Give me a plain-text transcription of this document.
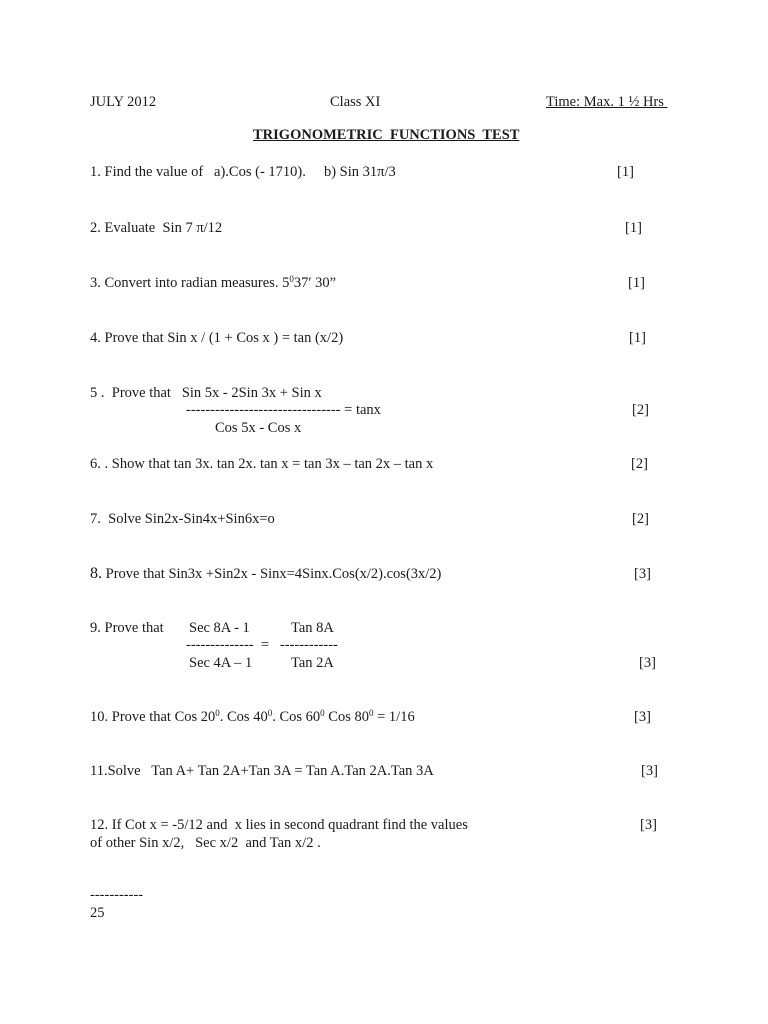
JULY 2012	Class XI	Time: Max. 1 ½ Hrs
TRIGONOMETRIC  FUNCTIONS  TEST
1. Find the value of   a).Cos (- 1710).     b) Sin 31π/3	[1]
2. Evaluate  Sin 7 π/12	[1]
3. Convert into radian measures. $5^037'$ 30”	[1]
4. Prove that Sin x / (1 + Cos x ) = tan (x/2)	[1]
5 .  Prove that   Sin 5x - 2Sin 3x + Sin x
-------------------------------- = tanx
Cos 5x - Cos x
[2]
6. . Show that tan 3x. tan 2x. tan x = tan 3x – tan 2x – tan x	[2]
7.  Solve Sin2x-Sin4x+Sin6x=o	[2]
8. Prove that Sin3x +Sin2x - Sinx=4Sinx.Cos(x/2).cos(3x/2)	[3]
9. Prove that Sec 8A - 1	Tan 8A
--------------  =   ------------
Sec 4A – 1	Tan 2A	[3]
10. Prove that Cos $20^0$. Cos $40^0$. Cos $60^0$ Cos $80^0 = 1/16$	[3]
11.Solve   Tan A+ Tan 2A+Tan 3A = Tan A.Tan 2A.Tan 3A	[3]
12. If Cot x = -5/12 and  x lies in second quadrant find the values
of other Sin x/2,   Sec x/2  and Tan x/2 .
[3]
-----------
25
